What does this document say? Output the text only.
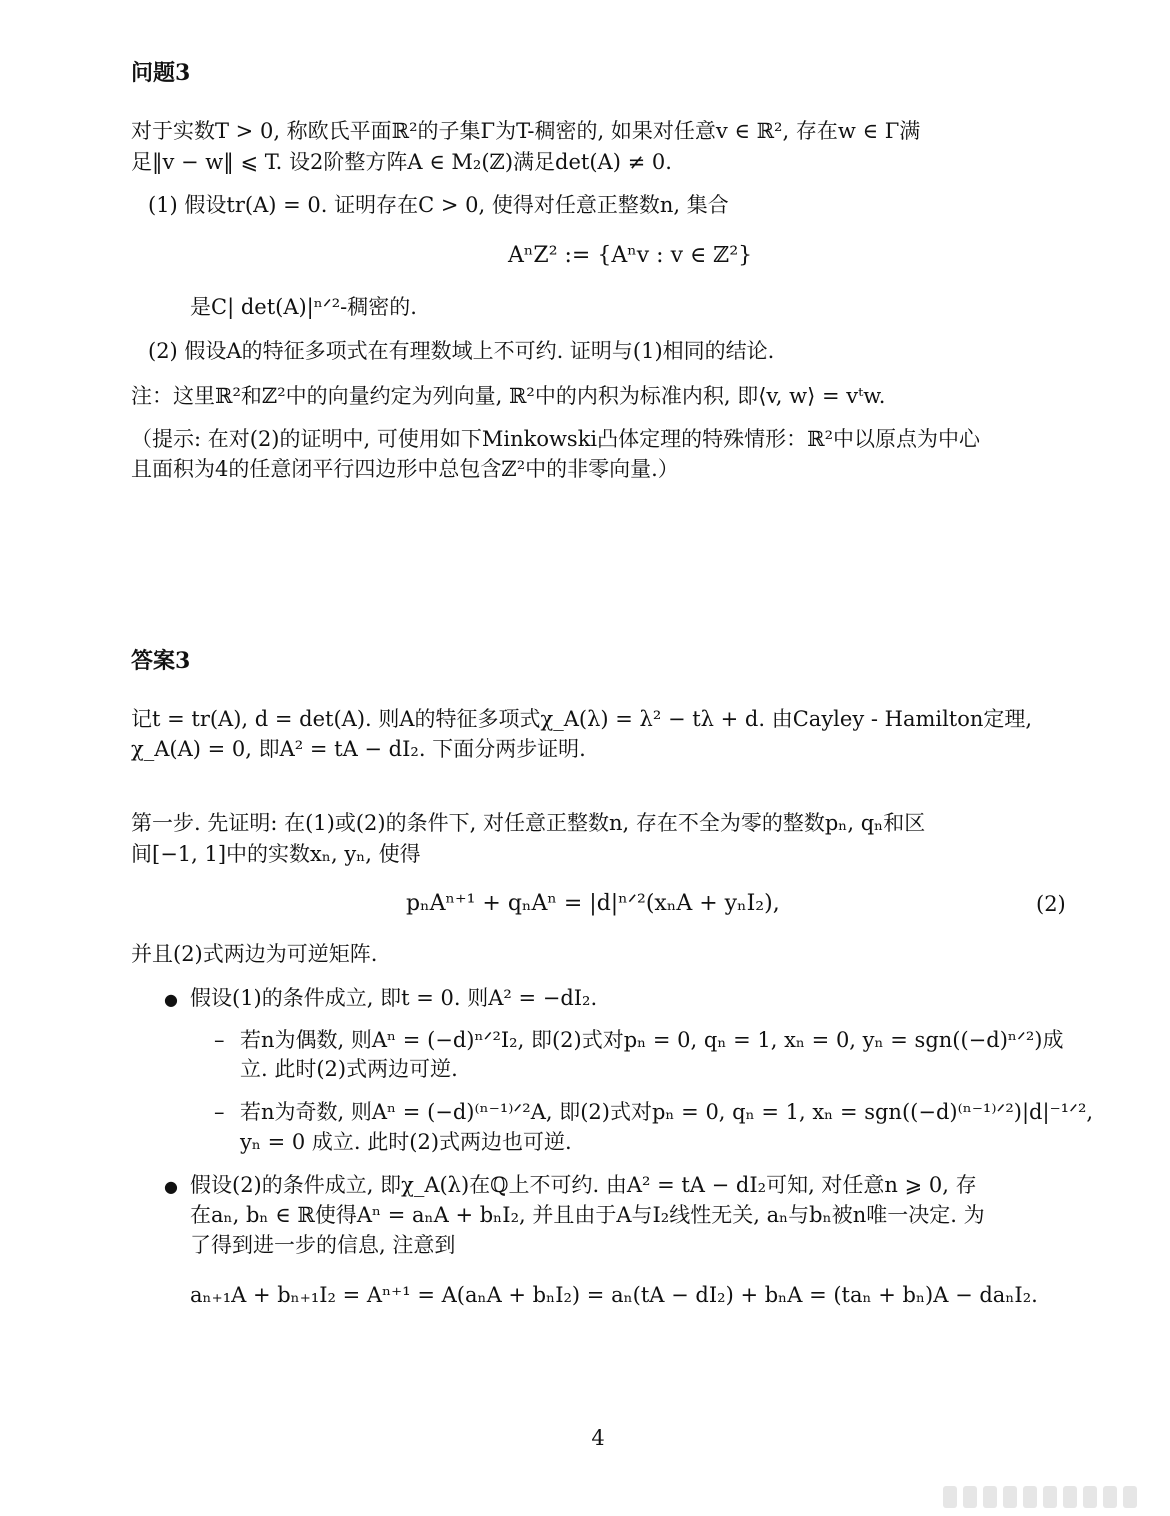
问题3
对于实数T > 0, 称欧氏平面ℝ²的子集Γ为T-稠密的, 如果对任意v ∈ ℝ², 存在w ∈ Γ满
足‖v − w‖ ⩽ T. 设2阶整方阵A ∈ M₂(ℤ)满足det(A) ≠ 0.
(1) 假设tr(A) = 0. 证明存在C > 0, 使得对任意正整数n, 集合
AⁿZ² := {Aⁿv : v ∈ ℤ²}
是C| det(A)|ⁿᐟ²-稠密的.
(2) 假设A的特征多项式在有理数域上不可约. 证明与(1)相同的结论.
注：这里ℝ²和ℤ²中的向量约定为列向量, ℝ²中的内积为标准内积, 即⟨v, w⟩ = vᵗw.
（提示: 在对(2)的证明中, 可使用如下Minkowski凸体定理的特殊情形：ℝ²中以原点为中心
且面积为4的任意闭平行四边形中总包含ℤ²中的非零向量.）
答案3
记t = tr(A), d = det(A). 则A的特征多项式χ_A(λ) = λ² − tλ + d. 由Cayley - Hamilton定理,
χ_A(A) = 0, 即A² = tA − dI₂. 下面分两步证明.
第一步. 先证明: 在(1)或(2)的条件下, 对任意正整数n, 存在不全为零的整数pₙ, qₙ和区
间[−1, 1]中的实数xₙ, yₙ, 使得
pₙAⁿ⁺¹ + qₙAⁿ = |d|ⁿᐟ²(xₙA + yₙI₂),	(2)
并且(2)式两边为可逆矩阵.
● 假设(1)的条件成立, 即t = 0. 则A² = −dI₂.
– 若n为偶数, 则Aⁿ = (−d)ⁿᐟ²I₂, 即(2)式对pₙ = 0, qₙ = 1, xₙ = 0, yₙ = sgn((−d)ⁿᐟ²)成
立. 此时(2)式两边可逆.
– 若n为奇数, 则Aⁿ = (−d)⁽ⁿ⁻¹⁾ᐟ²A, 即(2)式对pₙ = 0, qₙ = 1, xₙ = sgn((−d)⁽ⁿ⁻¹⁾ᐟ²)|d|⁻¹ᐟ²,
yₙ = 0 成立. 此时(2)式两边也可逆.
● 假设(2)的条件成立, 即χ_A(λ)在ℚ上不可约. 由A² = tA − dI₂可知, 对任意n ⩾ 0, 存
在aₙ, bₙ ∈ ℝ使得Aⁿ = aₙA + bₙI₂, 并且由于A与I₂线性无关, aₙ与bₙ被n唯一决定. 为
了得到进一步的信息, 注意到
aₙ₊₁A + bₙ₊₁I₂ = Aⁿ⁺¹ = A(aₙA + bₙI₂) = aₙ(tA − dI₂) + bₙA = (taₙ + bₙ)A − daₙI₂.
4
